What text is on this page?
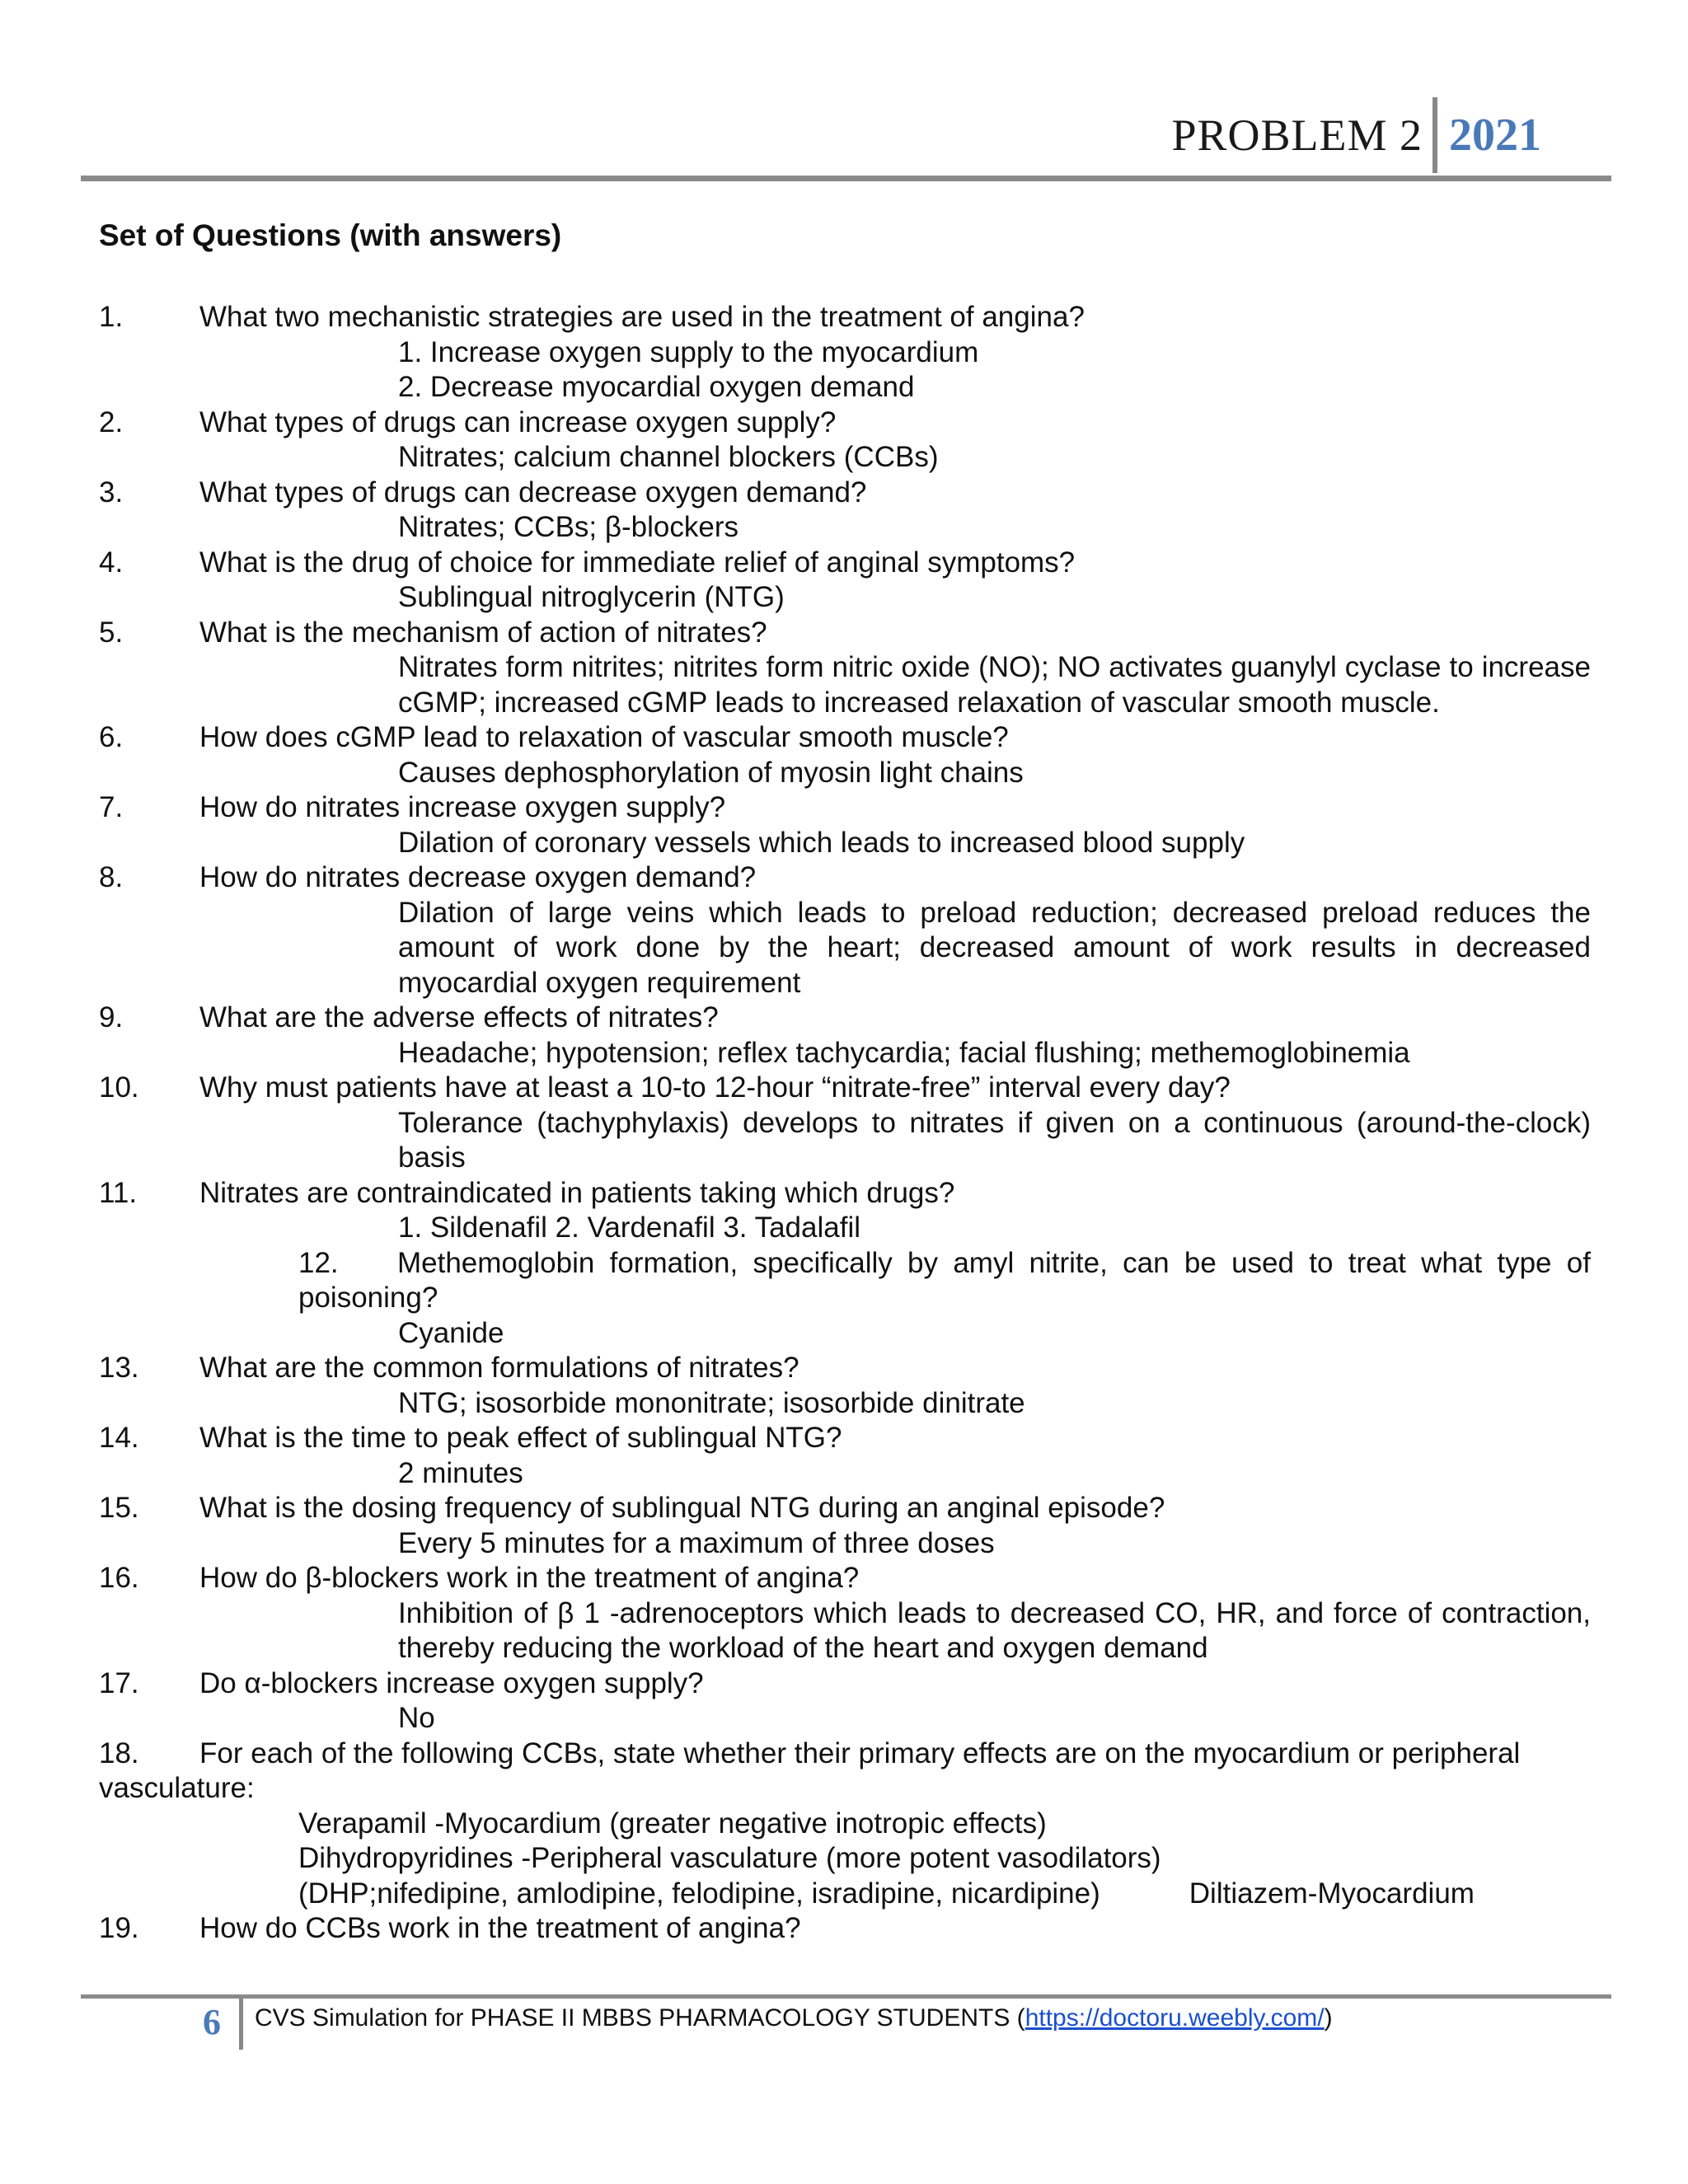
PROBLEM 2 2021
Set of Questions (with answers)
1.	What two mechanistic strategies are used in the treatment of angina?
1. Increase oxygen supply to the myocardium
2. Decrease myocardial oxygen demand
2.	What types of drugs can increase oxygen supply?
Nitrates; calcium channel blockers (CCBs)
3.	What types of drugs can decrease oxygen demand?
Nitrates; CCBs; β-blockers
4.	What is the drug of choice for immediate relief of anginal symptoms?
Sublingual nitroglycerin (NTG)
5.	What is the mechanism of action of nitrates?
Nitrates form nitrites; nitrites form nitric oxide (NO); NO activates guanylyl cyclase to increase cGMP; increased cGMP leads to increased relaxation of vascular smooth muscle.
6.	How does cGMP lead to relaxation of vascular smooth muscle?
Causes dephosphorylation of myosin light chains
7.	How do nitrates increase oxygen supply?
Dilation of coronary vessels which leads to increased blood supply
8.	How do nitrates decrease oxygen demand?
Dilation of large veins which leads to preload reduction; decreased preload reduces the amount of work done by the heart; decreased amount of work results in decreased myocardial oxygen requirement
9.	What are the adverse effects of nitrates?
Headache; hypotension; reflex tachycardia; facial flushing; methemoglobinemia
10. Why must patients have at least a 10-to 12-hour “nitrate-free” interval every day?
Tolerance (tachyphylaxis) develops to nitrates if given on a continuous (around-the-clock) basis
11. Nitrates are contraindicated in patients taking which drugs?
1. Sildenafil 2. Vardenafil 3. Tadalafil
12. Methemoglobin formation, specifically by amyl nitrite, can be used to treat what type of poisoning?
Cyanide
13. What are the common formulations of nitrates?
NTG; isosorbide mononitrate; isosorbide dinitrate
14. What is the time to peak effect of sublingual NTG?
2 minutes
15. What is the dosing frequency of sublingual NTG during an anginal episode?
Every 5 minutes for a maximum of three doses
16. How do β-blockers work in the treatment of angina?
Inhibition of β 1 -adrenoceptors which leads to decreased CO, HR, and force of contraction, thereby reducing the workload of the heart and oxygen demand
17. Do α-blockers increase oxygen supply?
No
18. For each of the following CCBs, state whether their primary effects are on the myocardium or peripheral vasculature:
Verapamil -Myocardium (greater negative inotropic effects)
Dihydropyridines -Peripheral vasculature (more potent vasodilators)
(DHP;nifedipine, amlodipine, felodipine, isradipine, nicardipine)	Diltiazem-Myocardium
19. How do CCBs work in the treatment of angina?
6 CVS Simulation for PHASE II MBBS PHARMACOLOGY STUDENTS (https://doctoru.weebly.com/)
